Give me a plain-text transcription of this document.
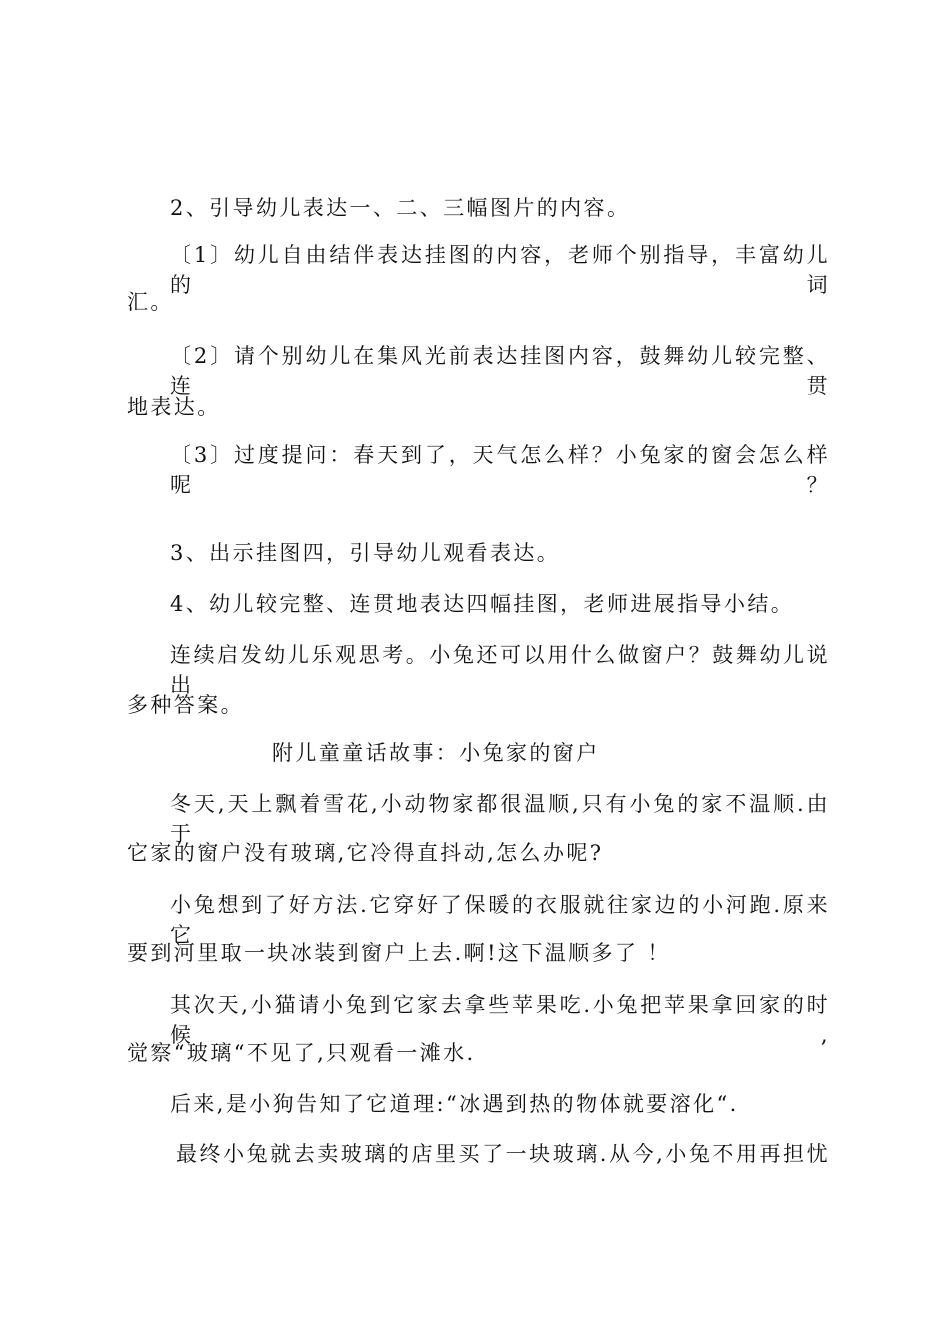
2、引导幼儿表达一、二、三幅图片的内容。
〔1〕幼儿自由结伴表达挂图的内容，老师个别指导，丰富幼儿的词
汇。
〔2〕请个别幼儿在集风光前表达挂图内容，鼓舞幼儿较完整、连贯
地表达。
〔3〕过度提问：春天到了，天气怎么样？小兔家的窗会怎么样呢？
3、出示挂图四，引导幼儿观看表达。
4、幼儿较完整、连贯地表达四幅挂图，老师进展指导小结。
连续启发幼儿乐观思考。小兔还可以用什么做窗户？鼓舞幼儿说出
多种答案。
附儿童童话故事：小兔家的窗户
冬天,天上飘着雪花,小动物家都很温顺,只有小兔的家不温顺.由于
它家的窗户没有玻璃,它冷得直抖动,怎么办呢?
小兔想到了好方法.它穿好了保暖的衣服就往家边的小河跑.原来它
要到河里取一块冰装到窗户上去.啊!这下温顺多了 ！
其次天,小猫请小兔到它家去拿些苹果吃.小兔把苹果拿回家的时候,
觉察“玻璃“不见了,只观看一滩水.
后来,是小狗告知了它道理:“冰遇到热的物体就要溶化“.
最终小兔就去卖玻璃的店里买了一块玻璃.从今,小兔不用再担忧
